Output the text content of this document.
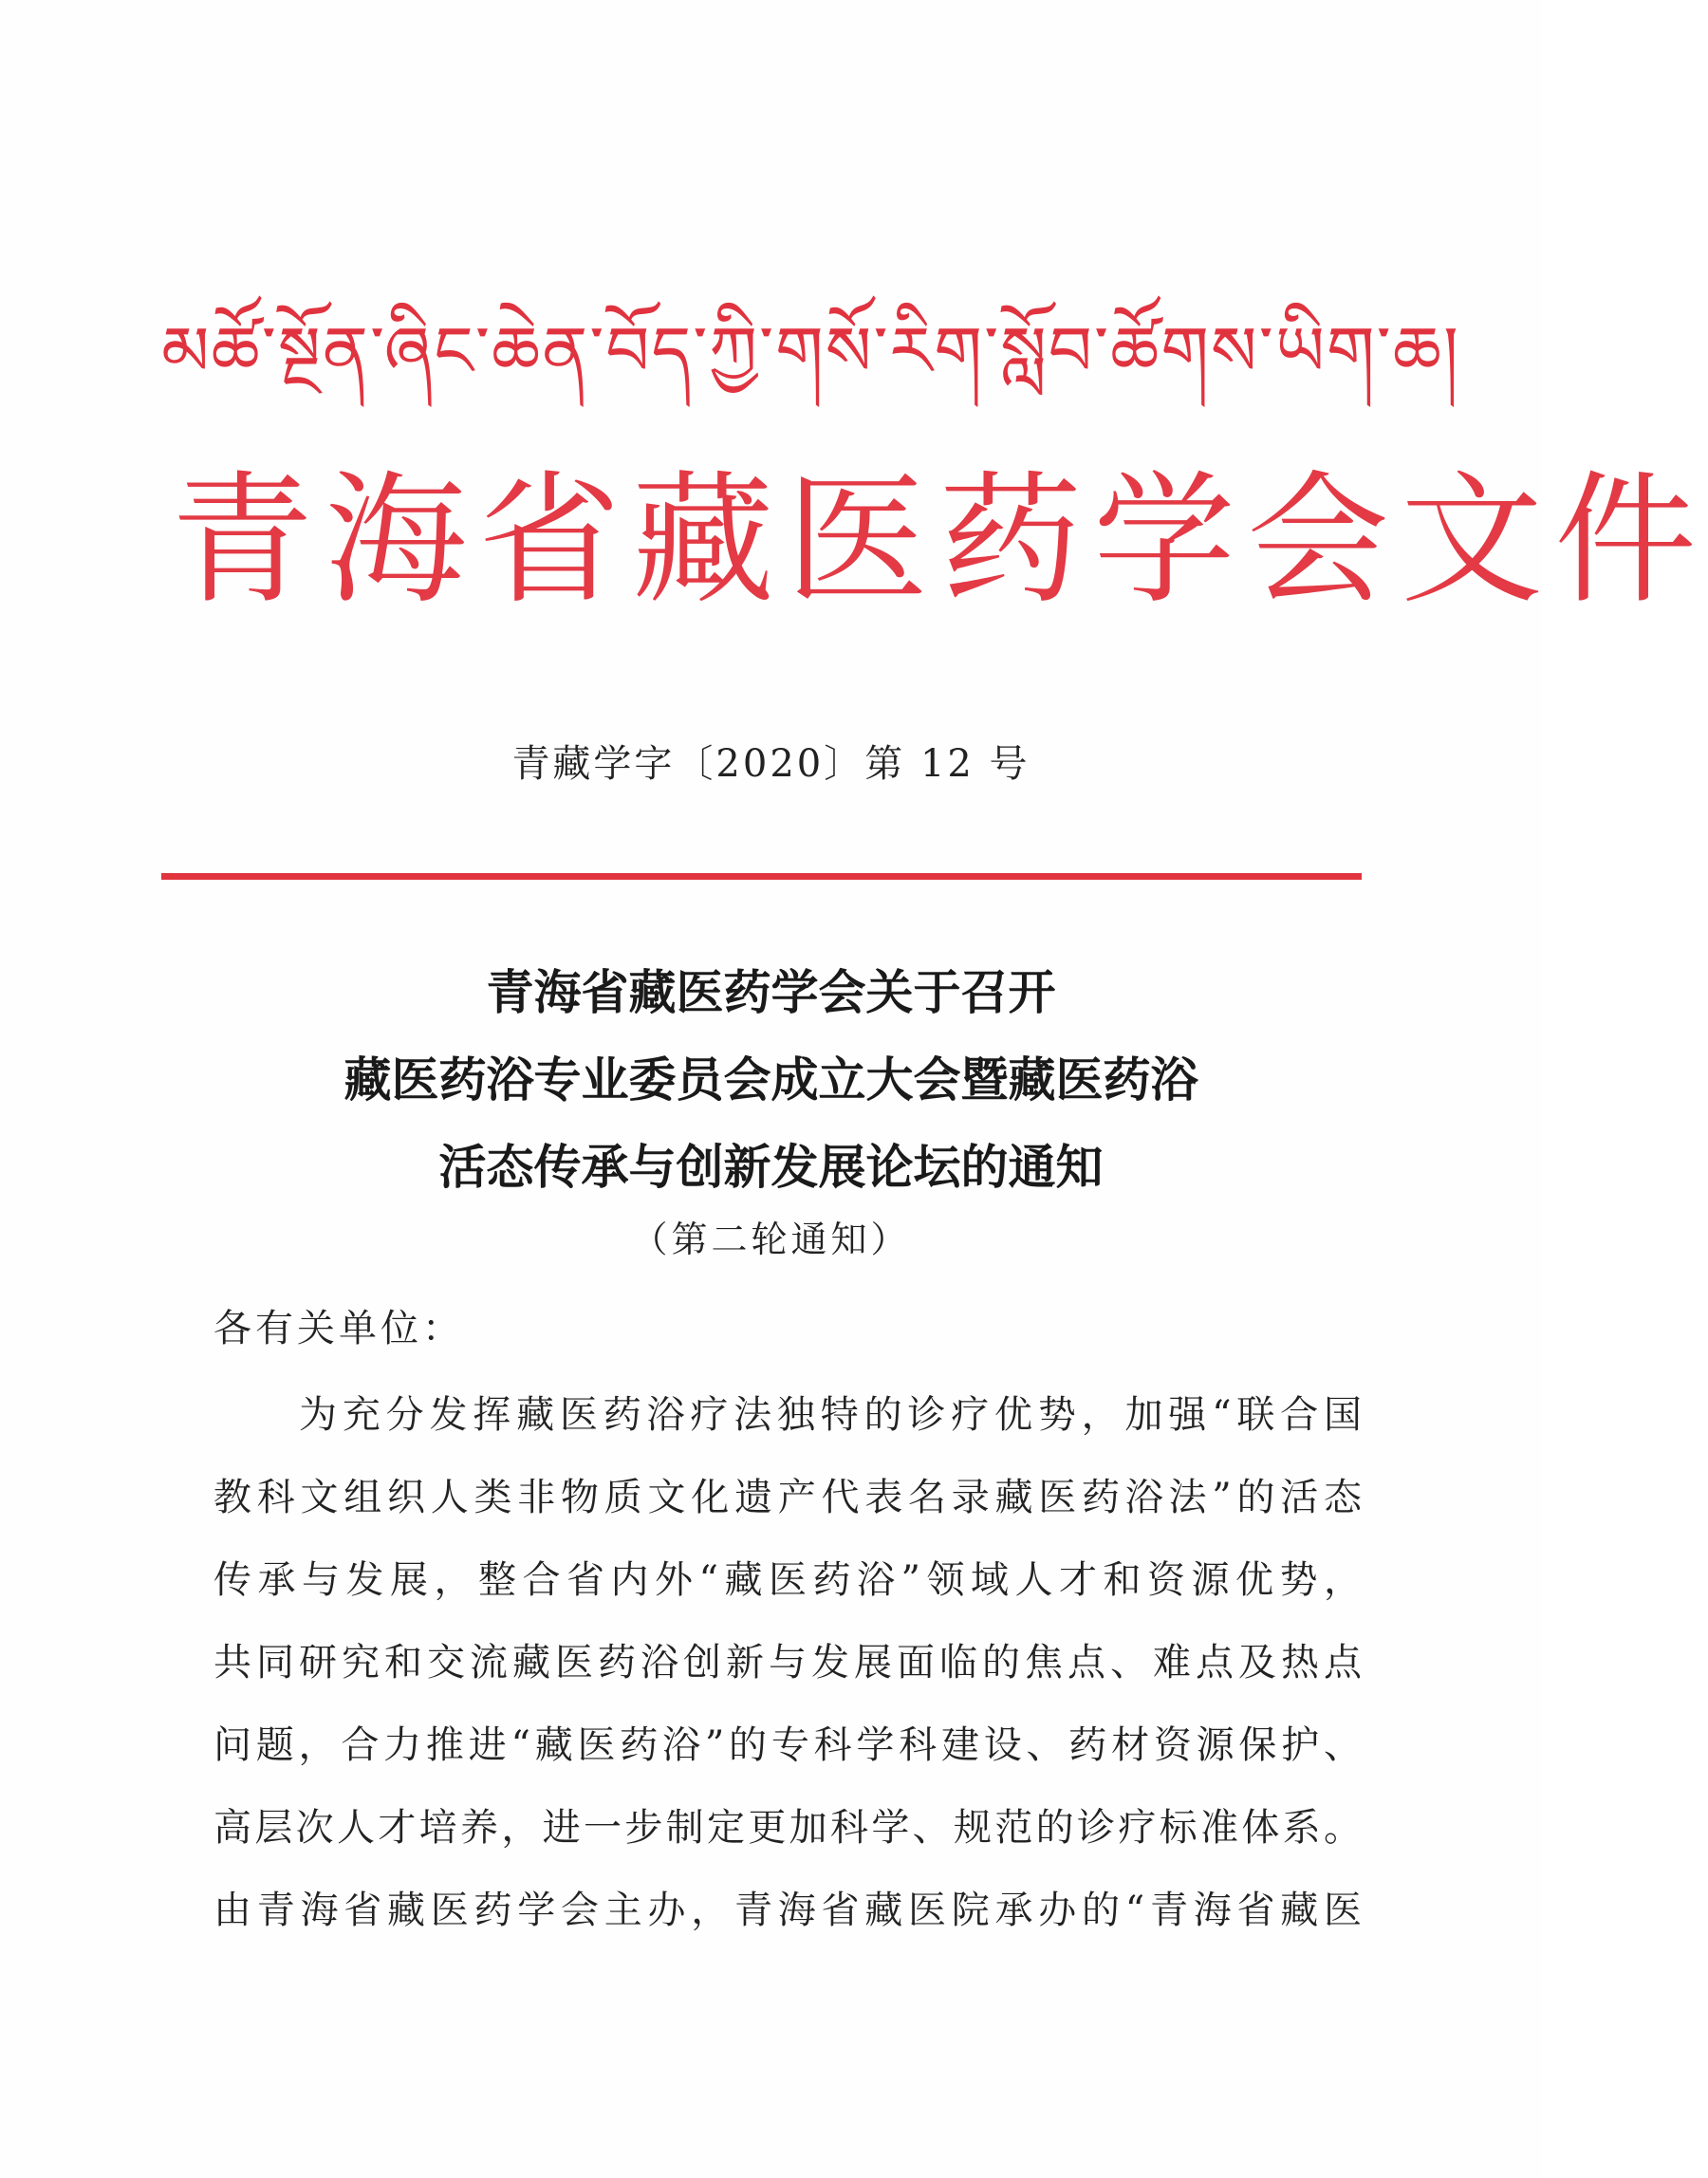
མཚོ་སྔོན་ཞིང་ཆེན་བོད་ཀྱི་གསོ་རིག་སློབ་ཚོགས་ཡིག་ཆ།
青海省藏医药学会文件
青藏学字〔2020〕第 12 号
青海省藏医药学会关于召开
藏医药浴专业委员会成立大会暨藏医药浴
活态传承与创新发展论坛的通知
（第二轮通知）
各有关单位：
为充分发挥藏医药浴疗法独特的诊疗优势，加强“联合国
教科文组织人类非物质文化遗产代表名录藏医药浴法”的活态
传承与发展，整合省内外“藏医药浴”领域人才和资源优势，
共同研究和交流藏医药浴创新与发展面临的焦点、难点及热点
问题，合力推进“藏医药浴”的专科学科建设、药材资源保护、
高层次人才培养，进一步制定更加科学、规范的诊疗标准体系。
由青海省藏医药学会主办，青海省藏医院承办的“青海省藏医
